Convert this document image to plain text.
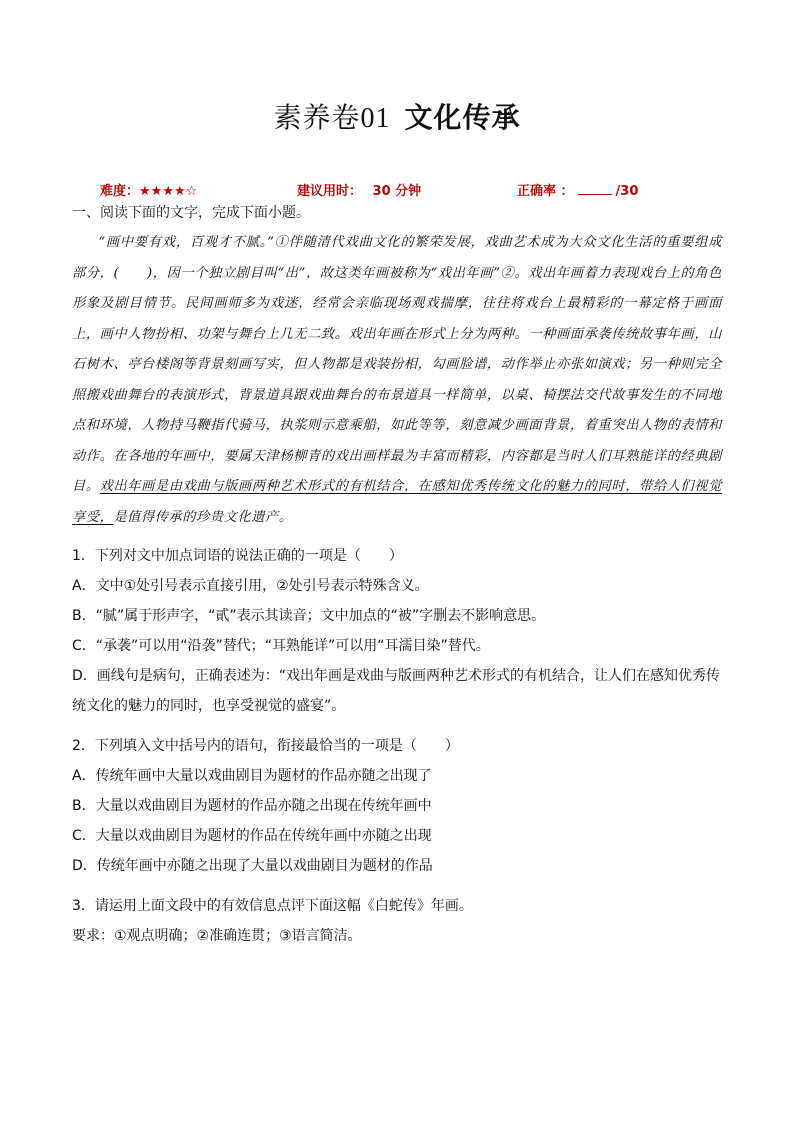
素养卷01 文化传承
难度：★★★★☆	建议用时： 30 分钟	正确率 ：	/30
一、阅读下面的文字，完成下面小题。
“画中要有戏，百观才不腻。”①伴随清代戏曲文化的繁荣发展，戏曲艺术成为大众文化生活的重要组成部分，(　　)，因一个独立剧目叫“出”，故这类年画被称为“戏出年画”②。戏出年画着力表现戏台上的角色形象及剧目情节。民间画师多为戏迷，经常会亲临现场观戏揣摩，往往将戏台上最精彩的一幕定格于画面上，画中人物扮相、功架与舞台上几无二致。戏出年画在形式上分为两种。一种画面承袭传统故事年画，山石树木、亭台楼阁等背景刻画写实，但人物都是戏装扮相，勾画脸谱，动作举止亦张如演戏；另一种则完全照搬戏曲舞台的表演形式，背景道具跟戏曲舞台的布景道具一样简单，以桌、椅摆法交代故事发生的不同地点和环境，人物持马鞭指代骑马，执浆则示意乘船，如此等等，刻意减少画面背景，着重突出人物的表情和动作。在各地的年画中，要属天津杨柳青的戏出画样最为丰富而精彩，内容都是当时人们耳熟能详的经典剧目。戏出年画是由戏曲与版画两种艺术形式的有机结合，在感知优秀传统文化的魅力的同时，带给人们视觉享受，是值得传承的珍贵文化遗产。
1．下列对文中加点词语的说法正确的一项是（　　）
A．文中①处引号表示直接引用，②处引号表示特殊含义。
B．“腻”属于形声字，“貳”表示其读音；文中加点的“被”字删去不影响意思。
C．“承袭”可以用“沿袭”替代；“耳熟能详”可以用“耳濡目染”替代。
D．画线句是病句，正确表述为：“戏出年画是戏曲与版画两种艺术形式的有机结合，让人们在感知优秀传统文化的魅力的同时，也享受视觉的盛宴”。
2．下列填入文中括号内的语句，衔接最恰当的一项是（　　）
A．传统年画中大量以戏曲剧目为题材的作品亦随之出现了
B．大量以戏曲剧目为题材的作品亦随之出现在传统年画中
C．大量以戏曲剧目为题材的作品在传统年画中亦随之出现
D．传统年画中亦随之出现了大量以戏曲剧目为题材的作品
3．请运用上面文段中的有效信息点评下面这幅《白蛇传》年画。
要求：①观点明确；②准确连贯；③语言简洁。
